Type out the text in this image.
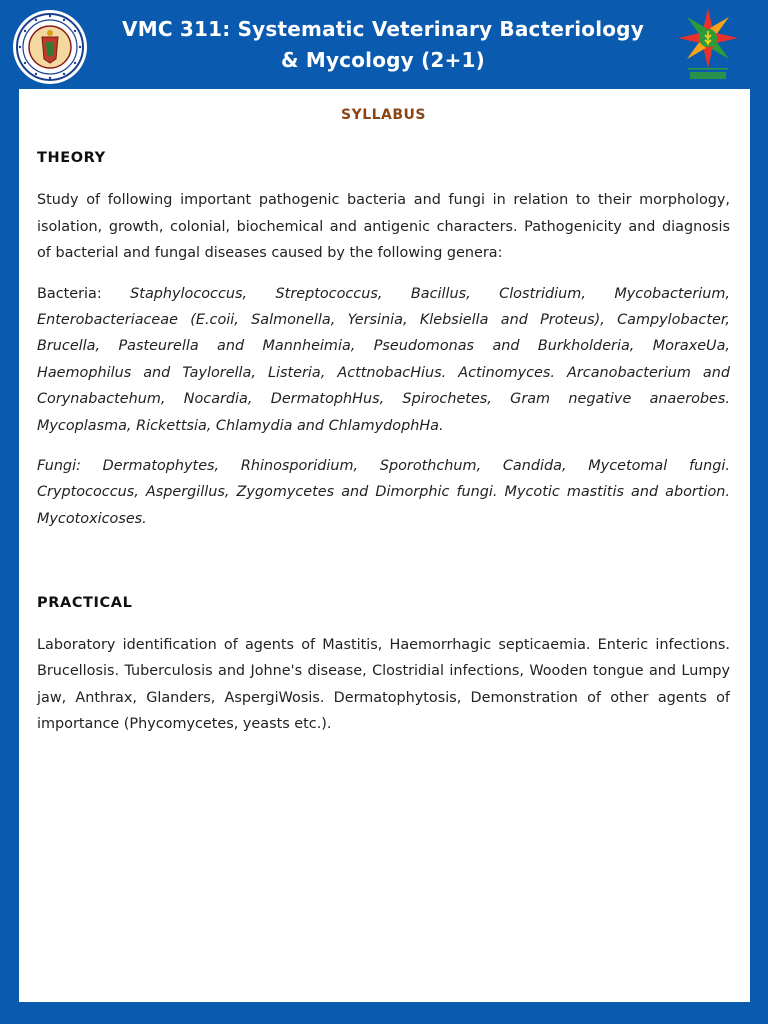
VMC 311: Systematic Veterinary Bacteriology
& Mycology (2+1)
SYLLABUS
THEORY

Study of following important pathogenic bacteria and fungi in relation to their morphology, isolation, growth, colonial, biochemical and antigenic characters. Pathogenicity and diagnosis of bacterial and fungal diseases caused by the following genera:

Bacteria: Staphylococcus, Streptococcus, Bacillus, Clostridium, Mycobacterium, Enterobacteriaceae (E.coii, Salmonella, Yersinia, Klebsiella and Proteus), Campylobacter, Brucella, Pasteurella and Mannheimia, Pseudomonas and Burkholderia, MoraxeUa, Haemophilus and Taylorella, Listeria, ActtnobacHius. Actinomyces. Arcanobacterium and Corynabactehum, Nocardia, DermatophHus, Spirochetes, Gram negative anaerobes. Mycoplasma, Rickettsia, Chlamydia and ChlamydophHa.

Fungi: Dermatophytes, Rhinosporidium, Sporothchum, Candida, Mycetomal fungi. Cryptococcus, Aspergillus, Zygomycetes and Dimorphic fungi. Mycotic mastitis and abortion. Mycotoxicoses.

PRACTICAL

Laboratory identification of agents of Mastitis, Haemorrhagic septicaemia. Enteric infections. Brucellosis. Tuberculosis and Johne's disease, Clostridial infections, Wooden tongue and Lumpy jaw, Anthrax, Glanders, AspergiWosis. Dermatophytosis, Demonstration of other agents of importance (Phycomycetes, yeasts etc.).
